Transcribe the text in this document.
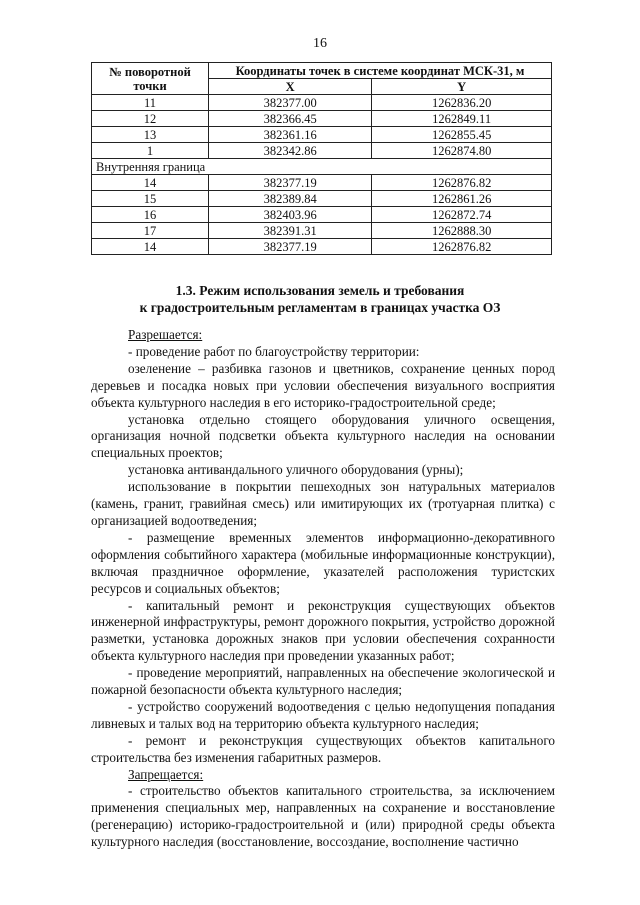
16
№ поворотной точки	Координаты точек в системе координат МСК-31, м	
	X	Y
11	382377.00	1262836.20
12	382366.45	1262849.11
13	382361.16	1262855.45
1	382342.86	1262874.80
Внутренняя граница		
14	382377.19	1262876.82
15	382389.84	1262861.26
16	382403.96	1262872.74
17	382391.31	1262888.30
14	382377.19	1262876.82
1.3. Режим использования земель и требования
к градостроительным регламентам в границах участка ОЗ

Разрешается:

- проведение работ по благоустройству территории:

озеленение – разбивка газонов и цветников, сохранение ценных пород деревьев и посадка новых при условии обеспечения визуального восприятия объекта культурного наследия в его историко-градостроительной среде;

установка отдельно стоящего оборудования уличного освещения, организация ночной подсветки объекта культурного наследия на основании специальных проектов;

установка антивандального уличного оборудования (урны);

использование в покрытии пешеходных зон натуральных материалов (камень, гранит, гравийная смесь) или имитирующих их (тротуарная плитка) с организацией водоотведения;

- размещение временных элементов информационно-декоративного оформления событийного характера (мобильные информационные конструкции), включая праздничное оформление, указателей расположения туристских ресурсов и социальных объектов;

- капитальный ремонт и реконструкция существующих объектов инженерной инфраструктуры, ремонт дорожного покрытия, устройство дорожной разметки, установка дорожных знаков при условии обеспечения сохранности объекта культурного наследия при проведении указанных работ;

- проведение мероприятий, направленных на обеспечение экологической и пожарной безопасности объекта культурного наследия;

- устройство сооружений водоотведения с целью недопущения попадания ливневых и талых вод на территорию объекта культурного наследия;

- ремонт и реконструкция существующих объектов капитального строительства без изменения габаритных размеров.

Запрещается:

- строительство объектов капитального строительства, за исключением применения специальных мер, направленных на сохранение и восстановление (регенерацию) историко-градостроительной и (или) природной среды объекта культурного наследия (восстановление, воссоздание, восполнение частично
